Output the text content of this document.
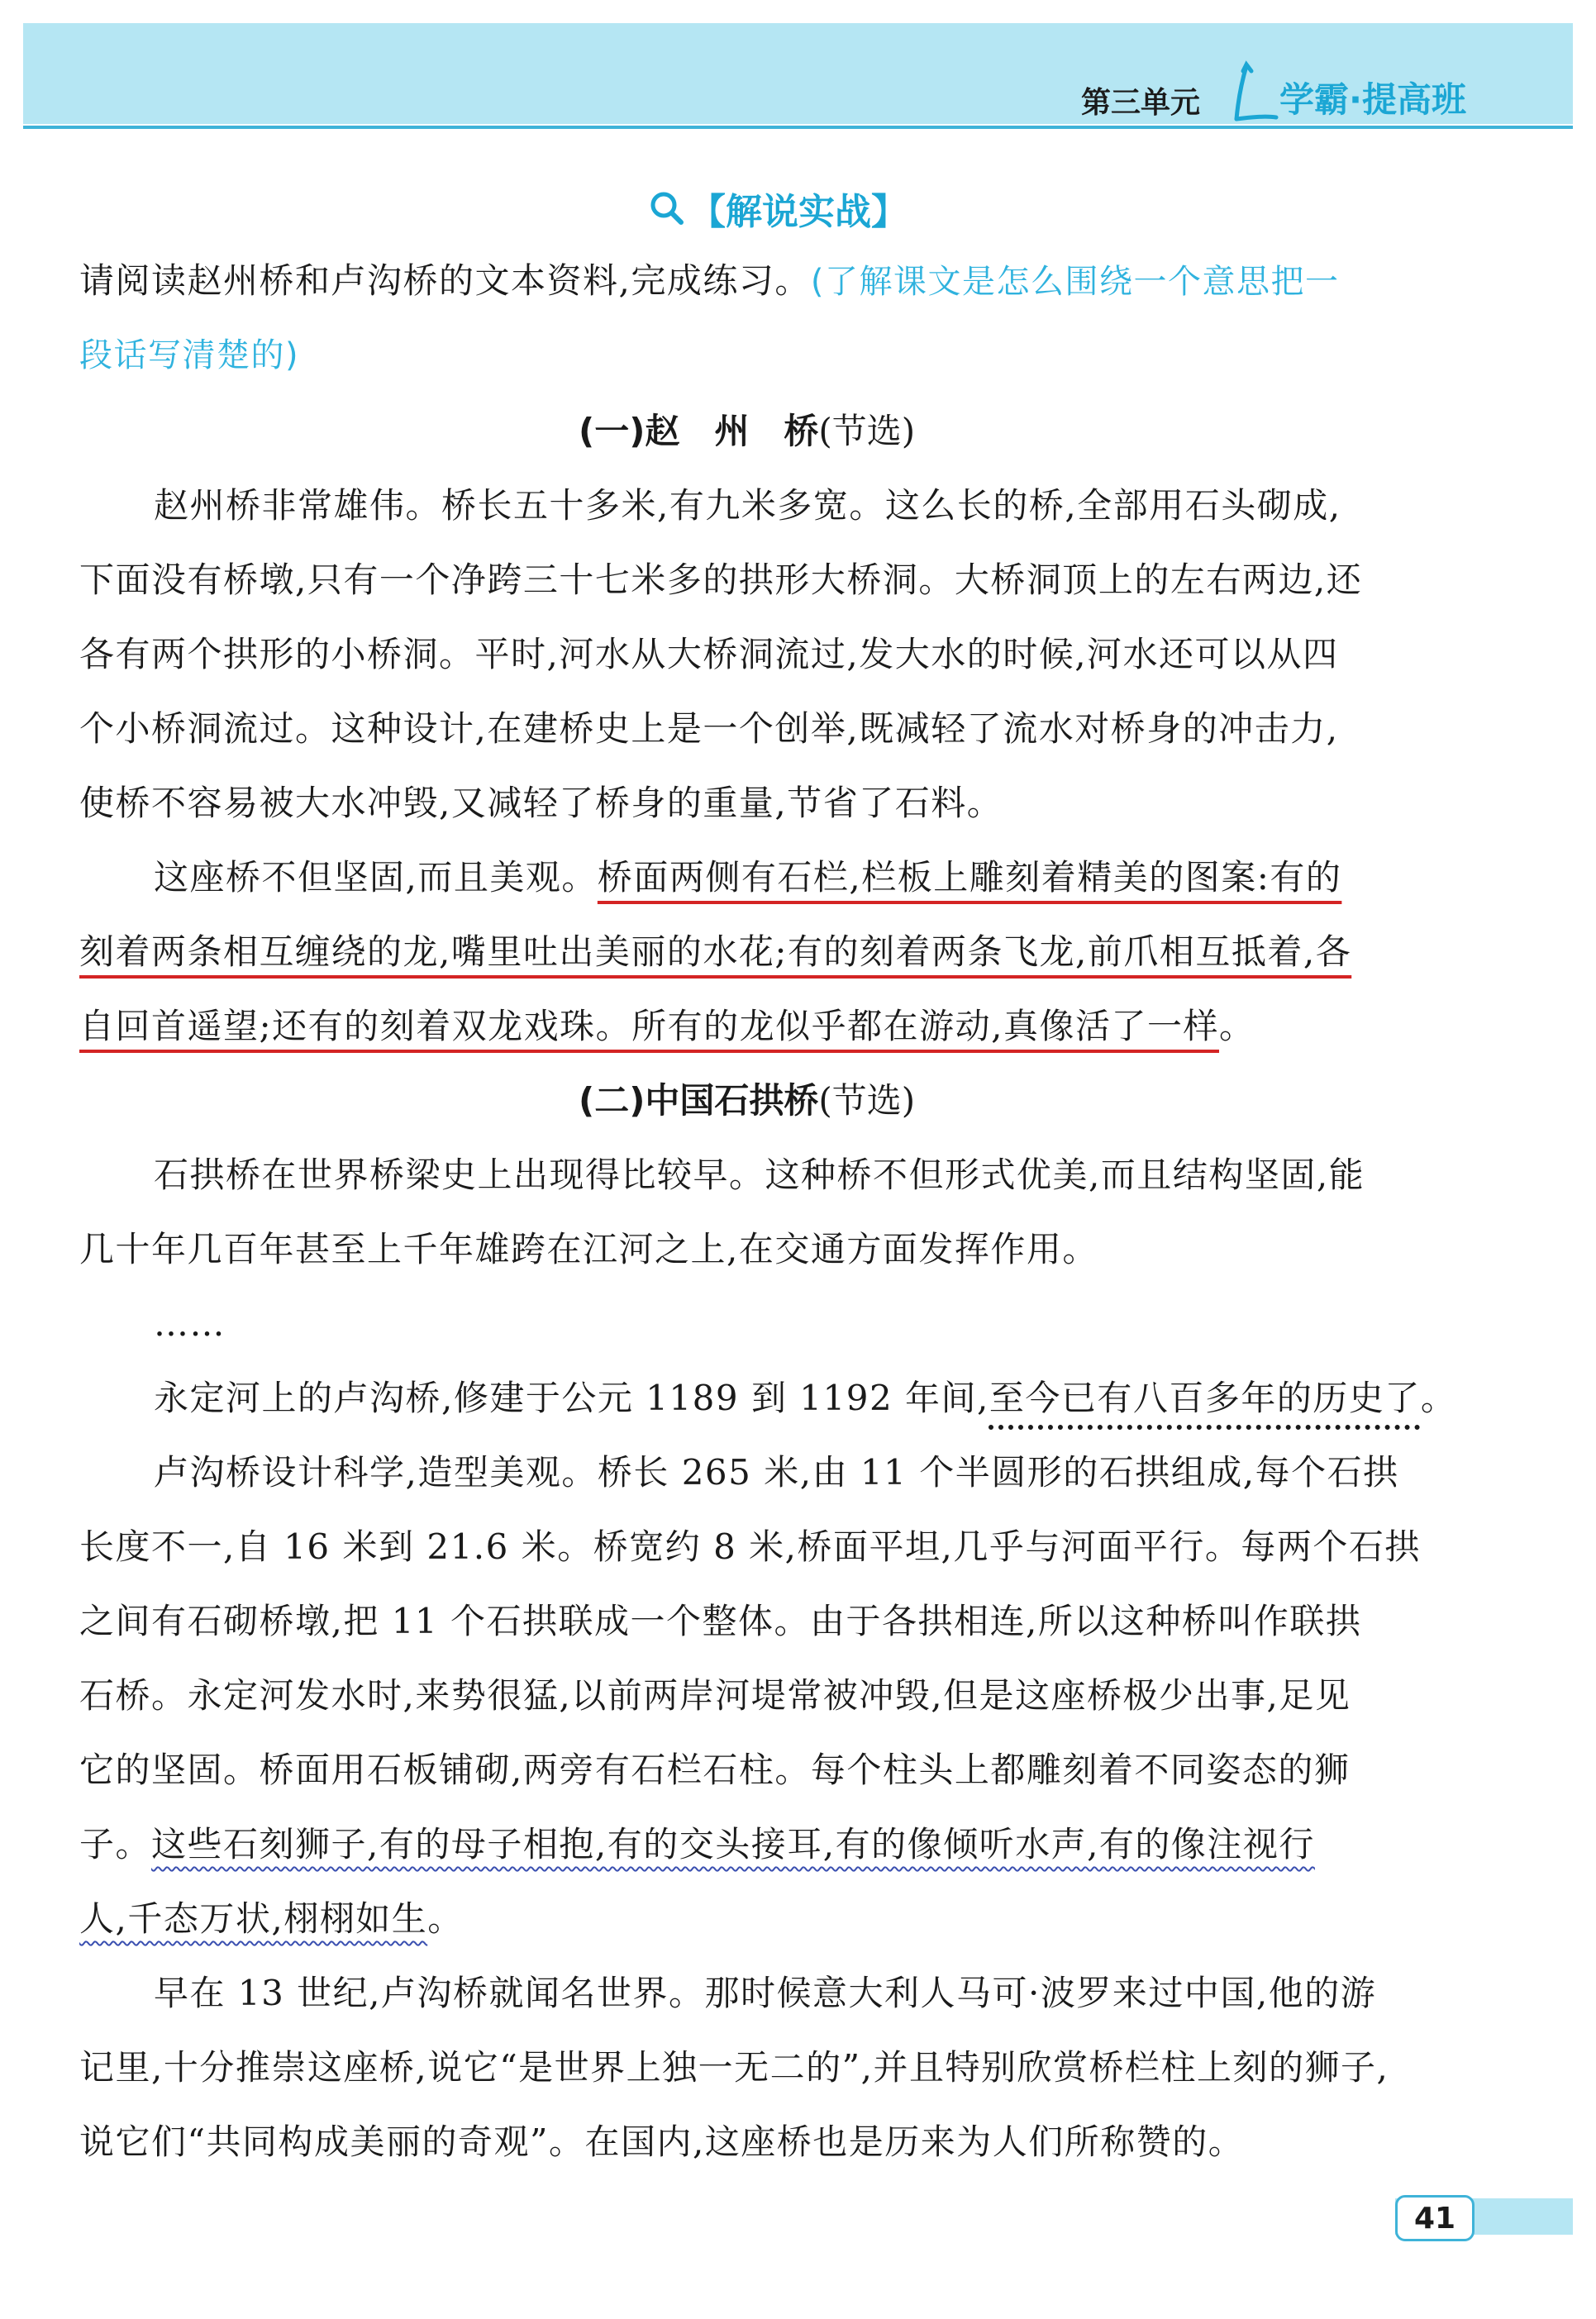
第三单元 学霸·提高班
【解说实战】
请阅读赵州桥和卢沟桥的文本资料,完成练习。(了解课文是怎么围绕一个意思把一
段话写清楚的)
(一)赵　州　桥(节选)
赵州桥非常雄伟。桥长五十多米,有九米多宽。这么长的桥,全部用石头砌成,
下面没有桥墩,只有一个净跨三十七米多的拱形大桥洞。大桥洞顶上的左右两边,还
各有两个拱形的小桥洞。平时,河水从大桥洞流过,发大水的时候,河水还可以从四
个小桥洞流过。这种设计,在建桥史上是一个创举,既减轻了流水对桥身的冲击力,
使桥不容易被大水冲毁,又减轻了桥身的重量,节省了石料。
这座桥不但坚固,而且美观。桥面两侧有石栏,栏板上雕刻着精美的图案:有的
刻着两条相互缠绕的龙,嘴里吐出美丽的水花;有的刻着两条飞龙,前爪相互抵着,各
自回首遥望;还有的刻着双龙戏珠。所有的龙似乎都在游动,真像活了一样。
(二)中国石拱桥(节选)
石拱桥在世界桥梁史上出现得比较早。这种桥不但形式优美,而且结构坚固,能
几十年几百年甚至上千年雄跨在江河之上,在交通方面发挥作用。
……
永定河上的卢沟桥,修建于公元 1189 到 1192 年间,至今已有八百多年的历史了。
卢沟桥设计科学,造型美观。桥长 265 米,由 11 个半圆形的石拱组成,每个石拱
长度不一,自 16 米到 21.6 米。桥宽约 8 米,桥面平坦,几乎与河面平行。每两个石拱
之间有石砌桥墩,把 11 个石拱联成一个整体。由于各拱相连,所以这种桥叫作联拱
石桥。永定河发水时,来势很猛,以前两岸河堤常被冲毁,但是这座桥极少出事,足见
它的坚固。桥面用石板铺砌,两旁有石栏石柱。每个柱头上都雕刻着不同姿态的狮
子。这些石刻狮子,有的母子相抱,有的交头接耳,有的像倾听水声,有的像注视行
人,千态万状,栩栩如生。
早在 13 世纪,卢沟桥就闻名世界。那时候意大利人马可·波罗来过中国,他的游
记里,十分推崇这座桥,说它“是世界上独一无二的”,并且特别欣赏桥栏柱上刻的狮子,
说它们“共同构成美丽的奇观”。在国内,这座桥也是历来为人们所称赞的。
41
